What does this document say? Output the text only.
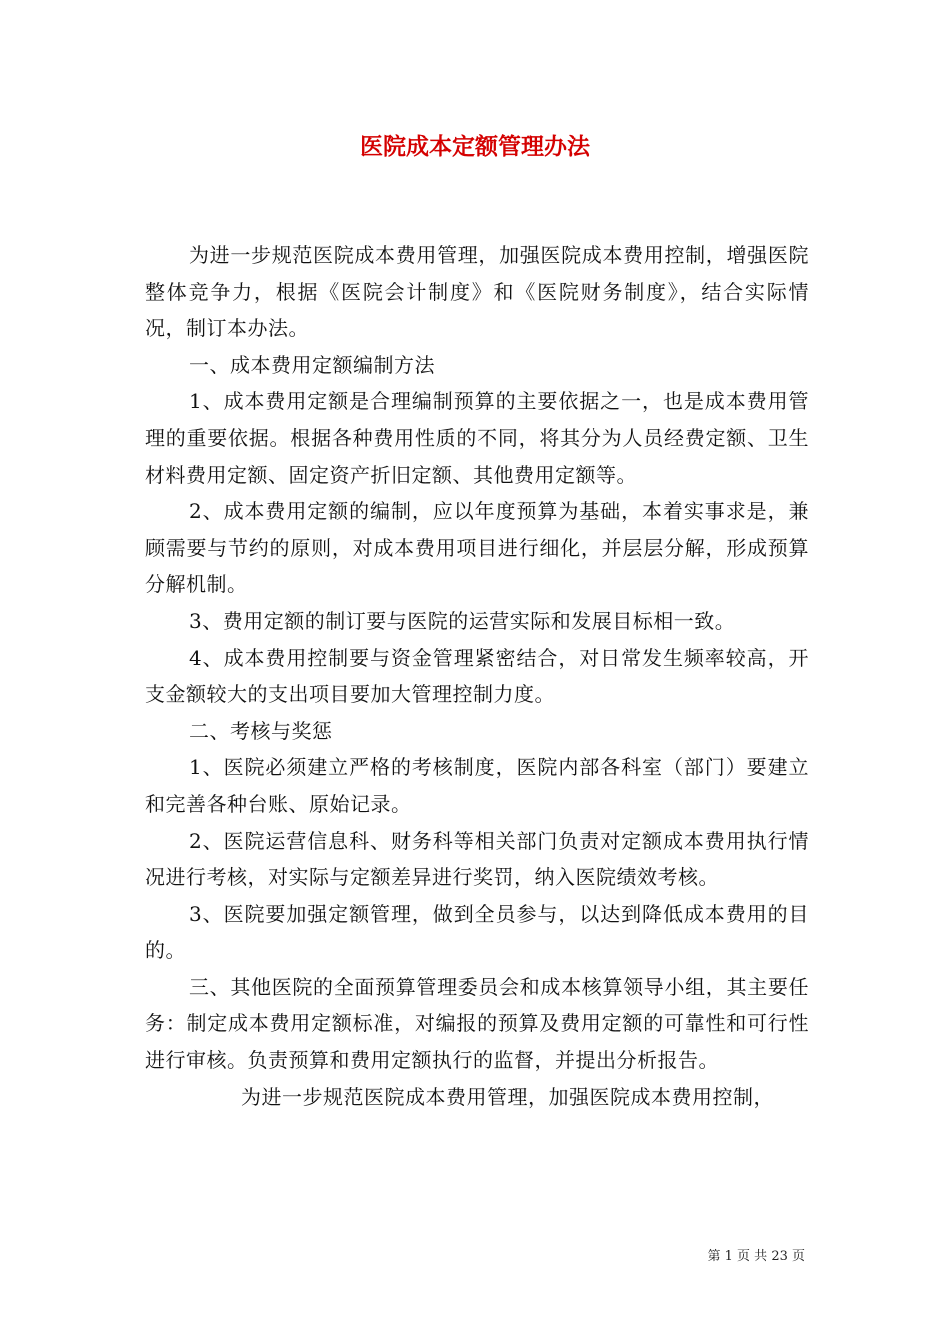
医院成本定额管理办法

为进一步规范医院成本费用管理，加强医院成本费用控制，增强医院整体竞争力，根据《医院会计制度》和《医院财务制度》，结合实际情况，制订本办法。

一、成本费用定额编制方法

1、成本费用定额是合理编制预算的主要依据之一，也是成本费用管理的重要依据。根据各种费用性质的不同，将其分为人员经费定额、卫生材料费用定额、固定资产折旧定额、其他费用定额等。

2、成本费用定额的编制，应以年度预算为基础，本着实事求是，兼顾需要与节约的原则，对成本费用项目进行细化，并层层分解，形成预算分解机制。

3、费用定额的制订要与医院的运营实际和发展目标相一致。

4、成本费用控制要与资金管理紧密结合，对日常发生频率较高，开支金额较大的支出项目要加大管理控制力度。

二、考核与奖惩

1、医院必须建立严格的考核制度，医院内部各科室（部门）要建立和完善各种台账、原始记录。

2、医院运营信息科、财务科等相关部门负责对定额成本费用执行情况进行考核，对实际与定额差异进行奖罚，纳入医院绩效考核。

3、医院要加强定额管理，做到全员参与，以达到降低成本费用的目的。

三、其他医院的全面预算管理委员会和成本核算领导小组，其主要任务：制定成本费用定额标准，对编报的预算及费用定额的可靠性和可行性进行审核。负责预算和费用定额执行的监督，并提出分析报告。

为进一步规范医院成本费用管理，加强医院成本费用控制，

第 1 页 共 23 页
